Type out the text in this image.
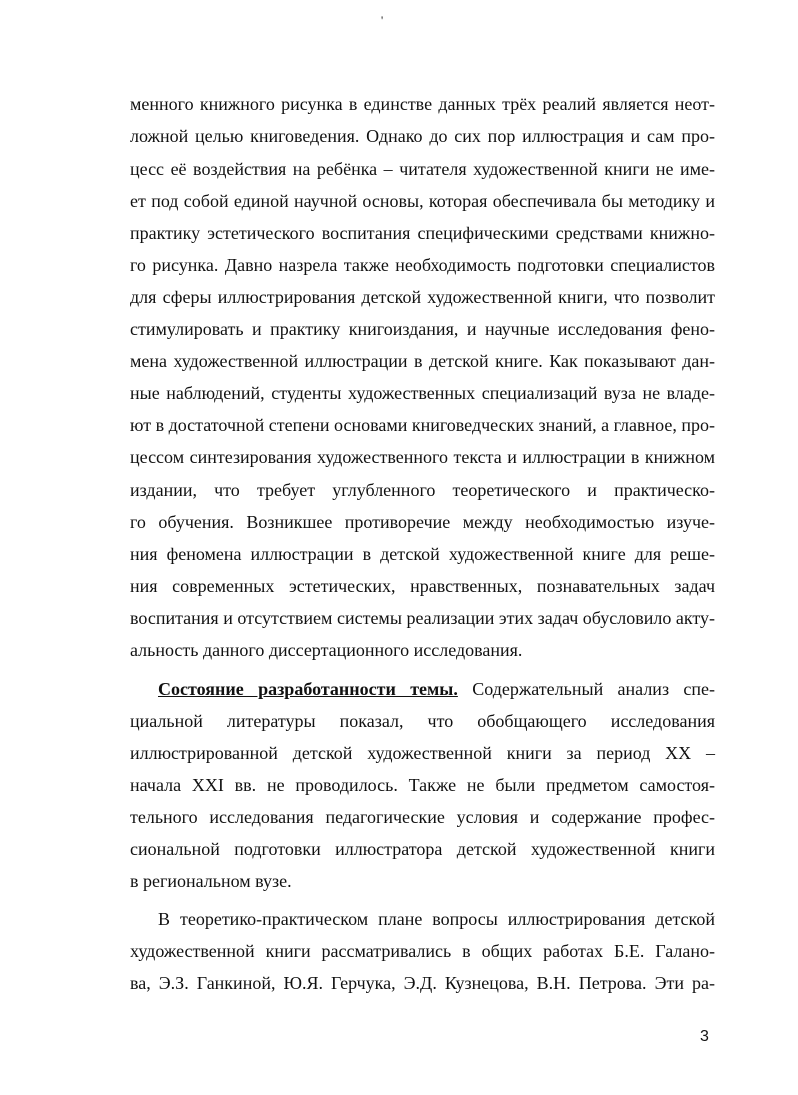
'
менного книжного рисунка в единстве данных трёх реалий является неот-
ложной целью книговедения. Однако до сих пор иллюстрация и сам про-
цесс её воздействия на ребёнка – читателя художественной книги не име-
ет под собой единой научной основы, которая обеспечивала бы методику и
практику эстетического воспитания специфическими средствами книжно-
го рисунка. Давно назрела также необходимость подготовки специалистов
для сферы иллюстрирования детской художественной книги, что позволит
стимулировать и практику книгоиздания, и научные исследования фено-
мена художественной иллюстрации в детской книге. Как показывают дан-
ные наблюдений, студенты художественных специализаций вуза не владе-
ют в достаточной степени основами книговедческих знаний, а главное, про-
цессом синтезирования художественного текста и иллюстрации в книжном
издании, что требует углубленного теоретического и практическо-
го обучения. Возникшее противоречие между необходимостью изуче-
ния феномена иллюстрации в детской художественной книге для реше-
ния современных эстетических, нравственных, познавательных задач
воспитания и отсутствием системы реализации этих задач обусловило акту-
альность данного диссертационного исследования.
Состояние разработанности темы. Содержательный анализ спе-
циальной литературы показал, что обобщающего исследования
иллюстрированной детской художественной книги за период XX –
начала XXI вв. не проводилось. Также не были предметом самостоя-
тельного исследования педагогические условия и содержание профес-
сиональной подготовки иллюстратора детской художественной книги
в региональном вузе.
В теоретико-практическом плане вопросы иллюстрирования детской
художественной книги рассматривались в общих работах Б.Е. Галано-
ва, Э.З. Ганкиной, Ю.Я. Герчука, Э.Д. Кузнецова, В.Н. Петрова. Эти ра-
3
